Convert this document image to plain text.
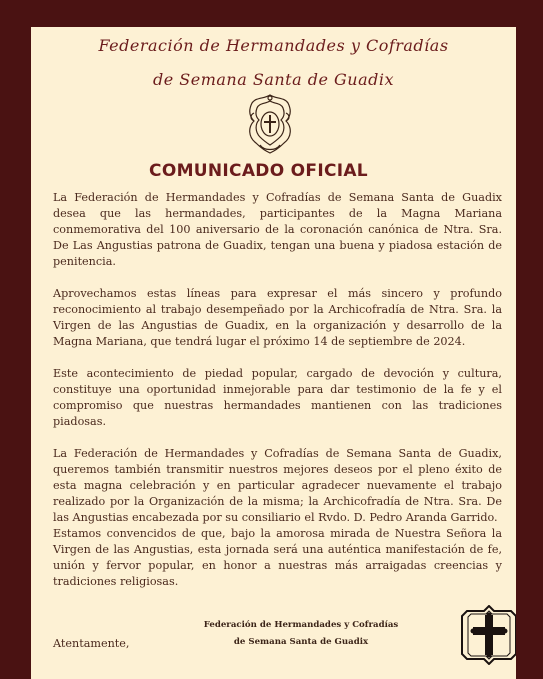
Federación de Hermandades y Cofradías
de Semana Santa de Guadix
COMUNICADO OFICIAL

La Federación de Hermandades y Cofradías de Semana Santa de Guadix desea que las hermandades, participantes de la Magna Mariana conmemorativa del 100 aniversario de la coronación canónica de Ntra. Sra. De Las Angustias patrona de Guadix, tengan una buena y piadosa estación de penitencia.

Aprovechamos estas líneas para expresar el más sincero y profundo reconocimiento al trabajo desempeñado por la Archicofradía de Ntra. Sra. la Virgen de las Angustias de Guadix, en la organización y desarrollo de la Magna Mariana, que tendrá lugar el próximo 14 de septiembre de 2024.

Este acontecimiento de piedad popular, cargado de devoción y cultura, constituye una oportunidad inmejorable para dar testimonio de la fe y el compromiso que nuestras hermandades mantienen con las tradiciones piadosas.

La Federación de Hermandades y Cofradías de Semana Santa de Guadix, queremos también transmitir nuestros mejores deseos por el pleno éxito de esta magna celebración y en particular agradecer nuevamente el trabajo realizado por la Organización de la misma; la Archicofradía de Ntra. Sra. De las Angustias encabezada por su consiliario el Rvdo. D. Pedro Aranda Garrido.

Estamos convencidos de que, bajo la amorosa mirada de Nuestra Señora la Virgen de las Angustias, esta jornada será una auténtica manifestación de fe, unión y fervor popular, en honor a nuestras más arraigadas creencias y tradiciones religiosas.

Atentamente,
Federación de Hermandades y Cofradías
de Semana Santa de Guadix
